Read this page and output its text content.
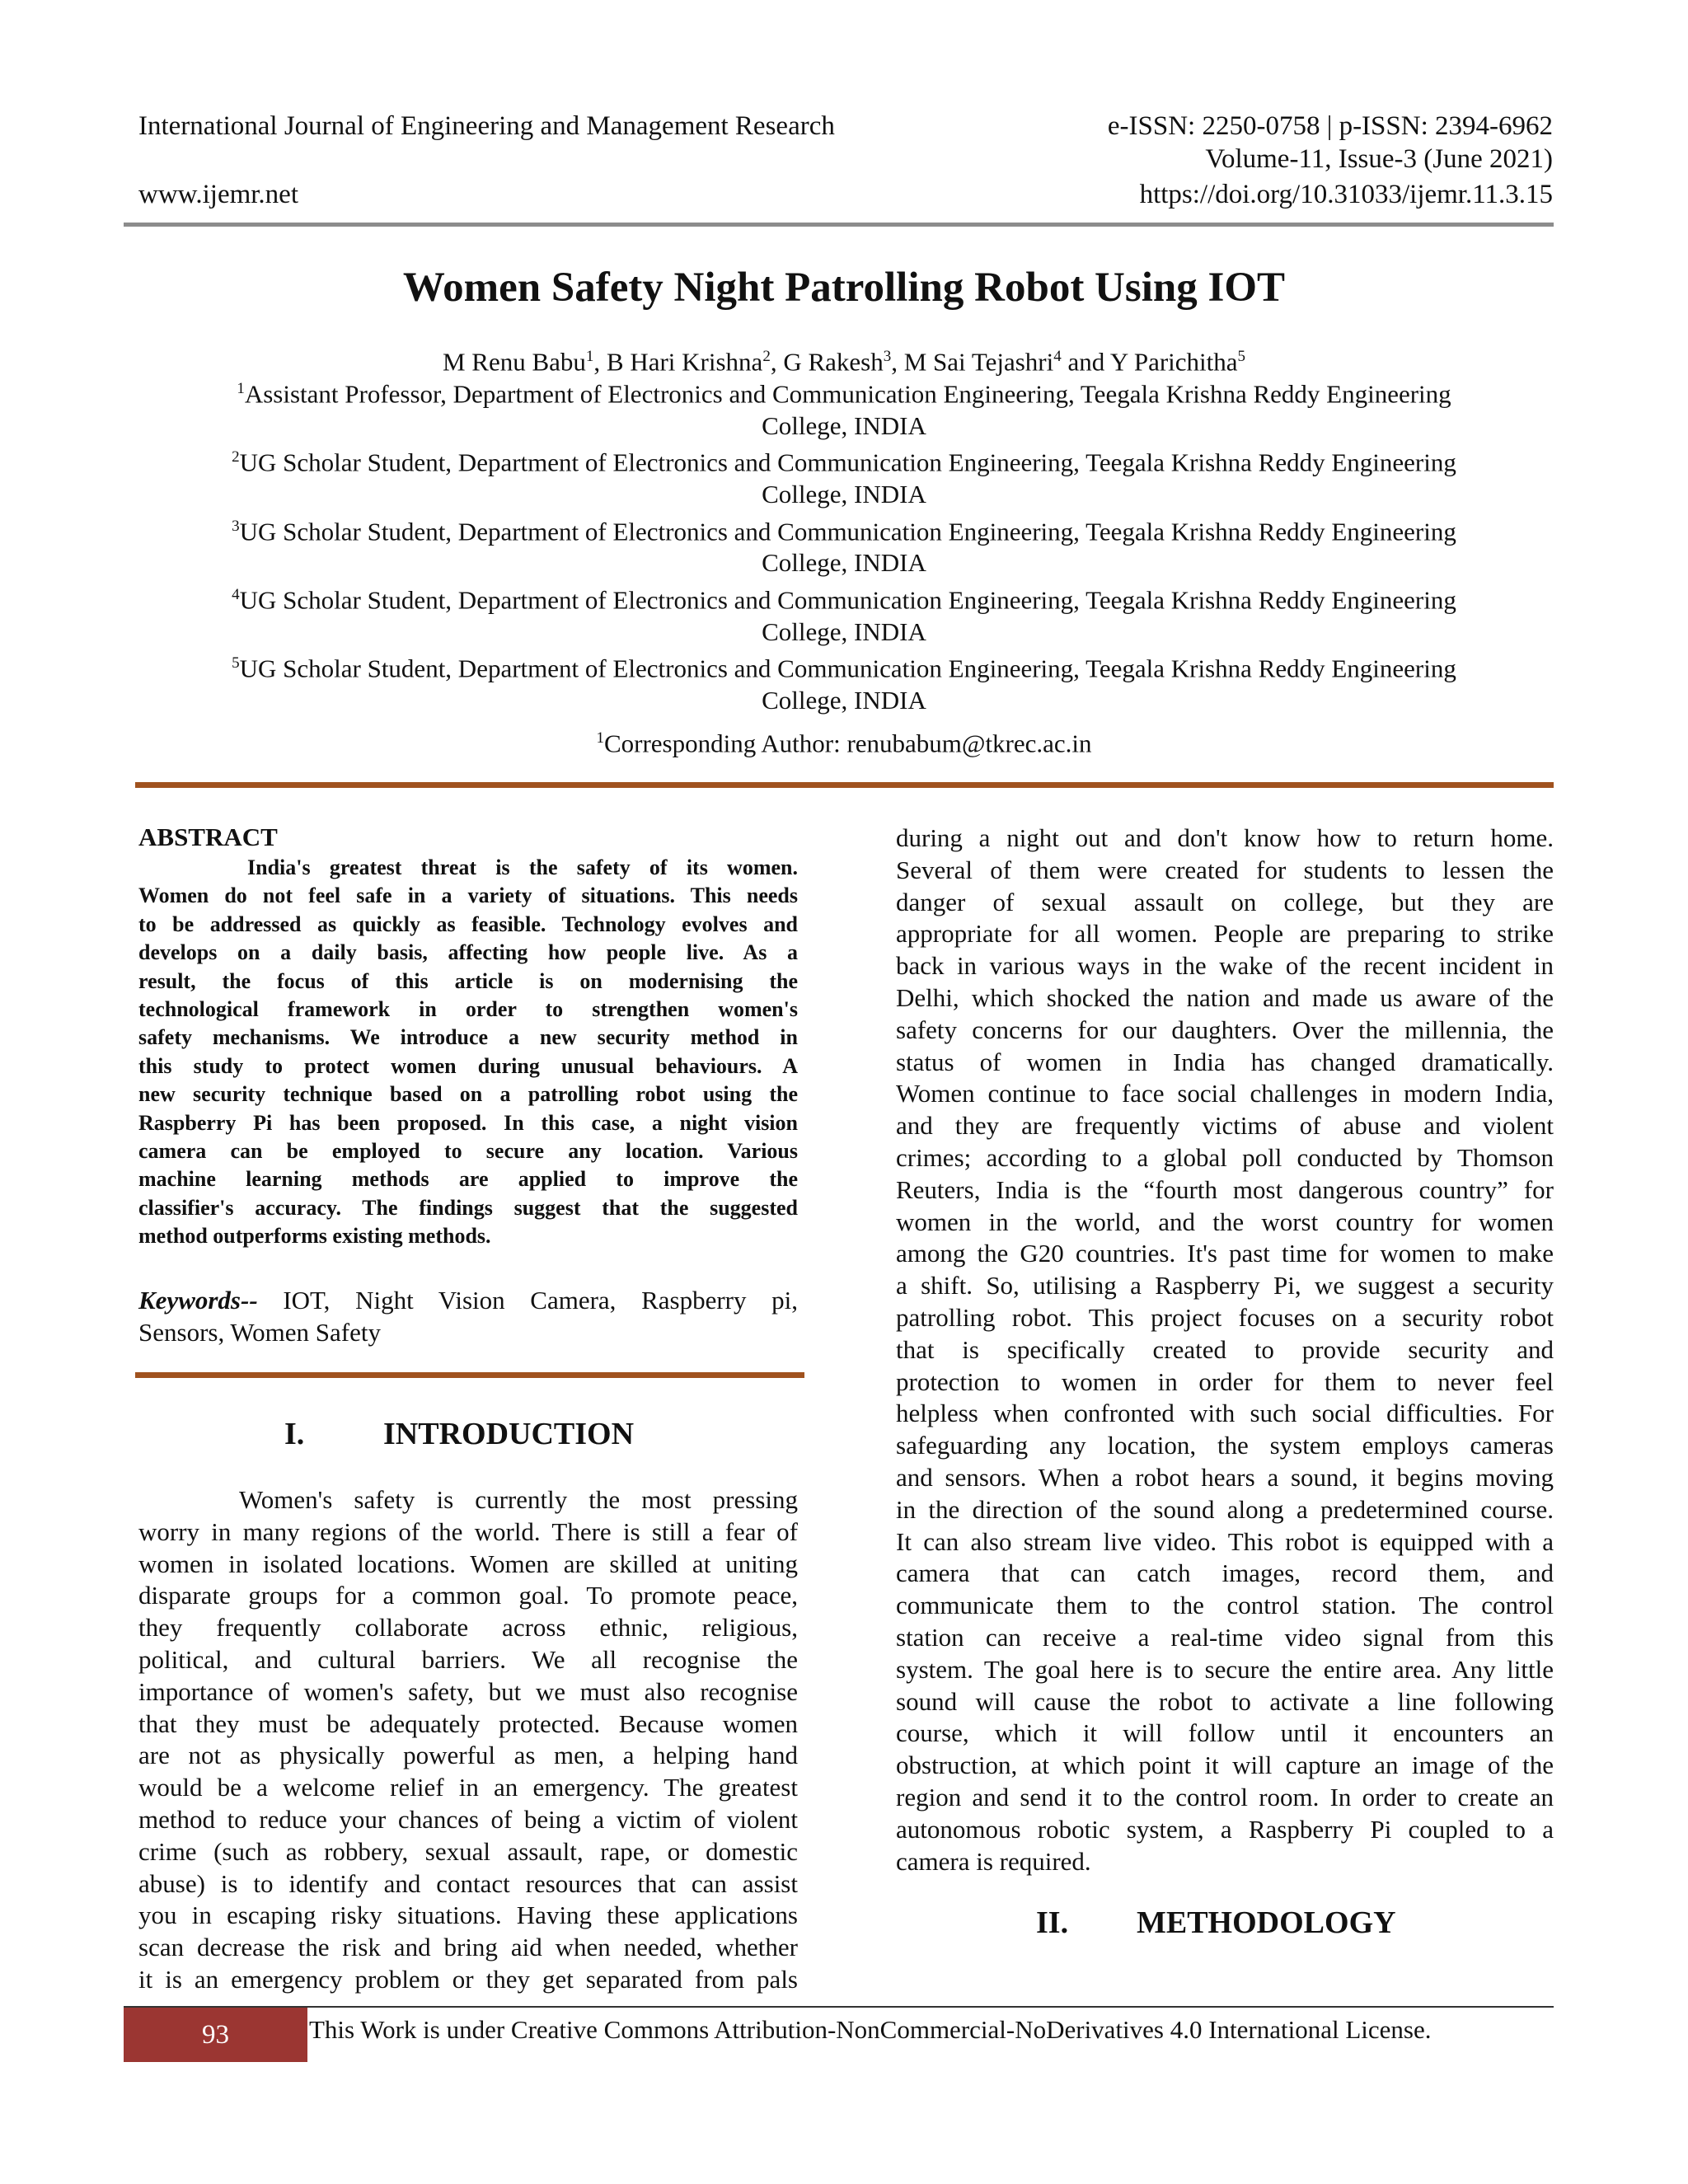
International Journal of Engineering and Management Research	e-ISSN: 2250-0758 | p-ISSN: 2394-6962
Volume-11, Issue-3 (June 2021)
www.ijemr.net	https://doi.org/10.31033/ijemr.11.3.15
Women Safety Night Patrolling Robot Using IOT
M Renu Babu$^1$, B Hari Krishna$^2$, G Rakesh$^3$, M Sai Tejashri$^4$ and Y Parichitha$^5$
$^1$Assistant Professor, Department of Electronics and Communication Engineering, Teegala Krishna Reddy Engineering
College, INDIA
$^2$UG Scholar Student, Department of Electronics and Communication Engineering, Teegala Krishna Reddy Engineering
College, INDIA
$^3$UG Scholar Student, Department of Electronics and Communication Engineering, Teegala Krishna Reddy Engineering
College, INDIA
$^4$UG Scholar Student, Department of Electronics and Communication Engineering, Teegala Krishna Reddy Engineering
College, INDIA
$^5$UG Scholar Student, Department of Electronics and Communication Engineering, Teegala Krishna Reddy Engineering
College, INDIA
$^1$Corresponding Author: renubabum@tkrec.ac.in
ABSTRACT
India's greatest threat is the safety of its women.
Women do not feel safe in a variety of situations. This needs
to be addressed as quickly as feasible. Technology evolves and
develops on a daily basis, affecting how people live. As a
result, the focus of this article is on modernising the
technological framework in order to strengthen women's
safety mechanisms. We introduce a new security method in
this study to protect women during unusual behaviours. A
new security technique based on a patrolling robot using the
Raspberry Pi has been proposed. In this case, a night vision
camera can be employed to secure any location. Various
machine learning methods are applied to improve the
classifier's accuracy. The findings suggest that the suggested
method outperforms existing methods.
Keywords-- IOT, Night Vision Camera, Raspberry pi,
Sensors, Women Safety
I.	INTRODUCTION
Women's safety is currently the most pressing
worry in many regions of the world. There is still a fear of
women in isolated locations. Women are skilled at uniting
disparate groups for a common goal. To promote peace,
they frequently collaborate across ethnic, religious,
political, and cultural barriers. We all recognise the
importance of women's safety, but we must also recognise
that they must be adequately protected. Because women
are not as physically powerful as men, a helping hand
would be a welcome relief in an emergency. The greatest
method to reduce your chances of being a victim of violent
crime (such as robbery, sexual assault, rape, or domestic
abuse) is to identify and contact resources that can assist
you in escaping risky situations. Having these applications
scan decrease the risk and bring aid when needed, whether
it is an emergency problem or they get separated from pals
during a night out and don't know how to return home.
Several of them were created for students to lessen the
danger of sexual assault on college, but they are
appropriate for all women. People are preparing to strike
back in various ways in the wake of the recent incident in
Delhi, which shocked the nation and made us aware of the
safety concerns for our daughters. Over the millennia, the
status of women in India has changed dramatically.
Women continue to face social challenges in modern India,
and they are frequently victims of abuse and violent
crimes; according to a global poll conducted by Thomson
Reuters, India is the “fourth most dangerous country” for
women in the world, and the worst country for women
among the G20 countries. It's past time for women to make
a shift. So, utilising a Raspberry Pi, we suggest a security
patrolling robot. This project focuses on a security robot
that is specifically created to provide security and
protection to women in order for them to never feel
helpless when confronted with such social difficulties. For
safeguarding any location, the system employs cameras
and sensors. When a robot hears a sound, it begins moving
in the direction of the sound along a predetermined course.
It can also stream live video. This robot is equipped with a
camera that can catch images, record them, and
communicate them to the control station. The control
station can receive a real-time video signal from this
system. The goal here is to secure the entire area. Any little
sound will cause the robot to activate a line following
course, which it will follow until it encounters an
obstruction, at which point it will capture an image of the
region and send it to the control room. In order to create an
autonomous robotic system, a Raspberry Pi coupled to a
camera is required.
II. METHODOLOGY
93	This Work is under Creative Commons Attribution-NonCommercial-NoDerivatives 4.0 International License.
